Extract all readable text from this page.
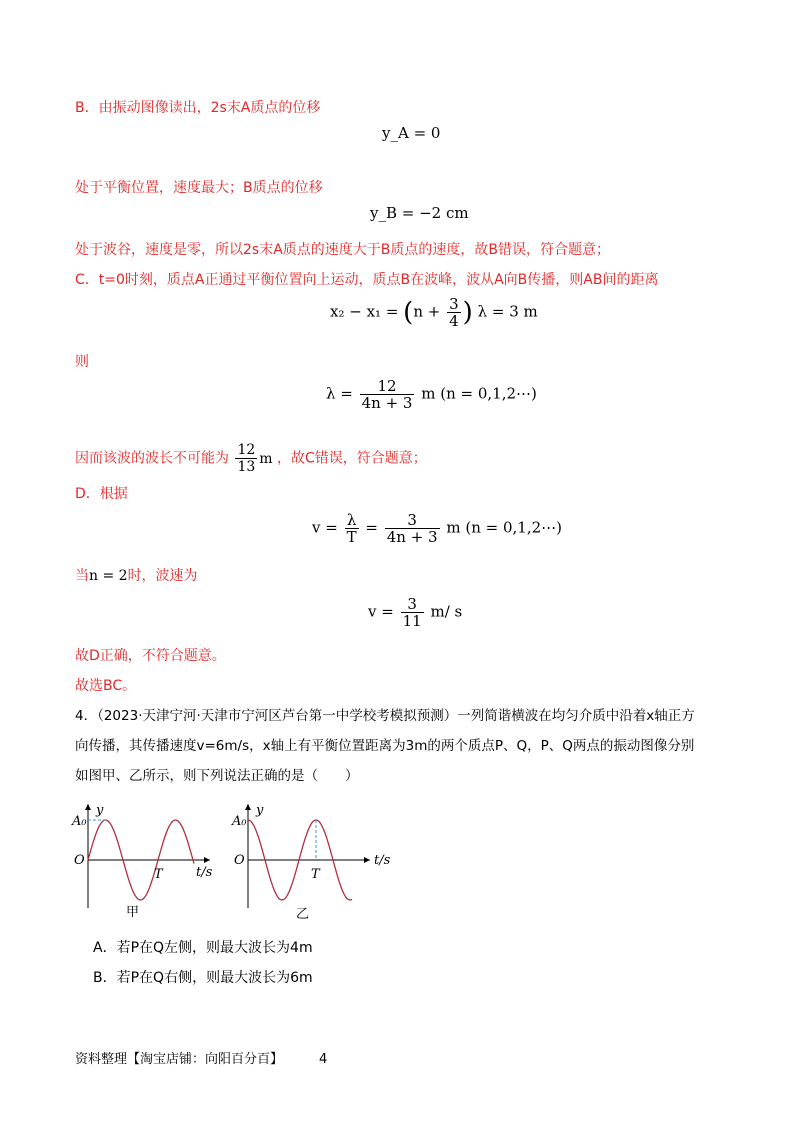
B．由振动图像读出，2s末A质点的位移
y_A = 0
处于平衡位置，速度最大；B质点的位移
y_B = −2 cm
处于波谷，速度是零，所以2s末A质点的速度大于B质点的速度，故B错误，符合题意；
C．t=0时刻，质点A正通过平衡位置向上运动，质点B在波峰，波从A向B传播，则AB间的距离
$x_2 - x_1 = (n + \frac{3}{4}$ ) λ = 3 m
则
$\lambda = \frac{12}{4n + 3}$ m (n = 0,1,2⋯)
因而该波的波长不可能为 $\frac{12}{13}$ m ，故C错误，符合题意；
D．根据
$v = \frac{\lambda}{T} = \frac{3}{4n + 3}$ m (n = 0,1,2⋯)
当n = 2时，波速为
$v = \frac{3}{11} m/$ s
故D正确，不符合题意。
故选BC。
4．（2023·天津宁河·天津市宁河区芦台第一中学校考模拟预测）一列简谐横波在均匀介质中沿着x轴正方
向传播，其传播速度v=6m/s，x轴上有平衡位置距离为3m的两个质点P、Q，P、Q两点的振动图像分别
如图甲、乙所示，则下列说法正确的是（　　）
y
A₀
O
T	t/s
甲
y
A₀
O
T
t/s
乙
A．若P在Q左侧，则最大波长为4m
B．若P在Q右侧，则最大波长为6m
资料整理【淘宝店铺：向阳百分百】	4
